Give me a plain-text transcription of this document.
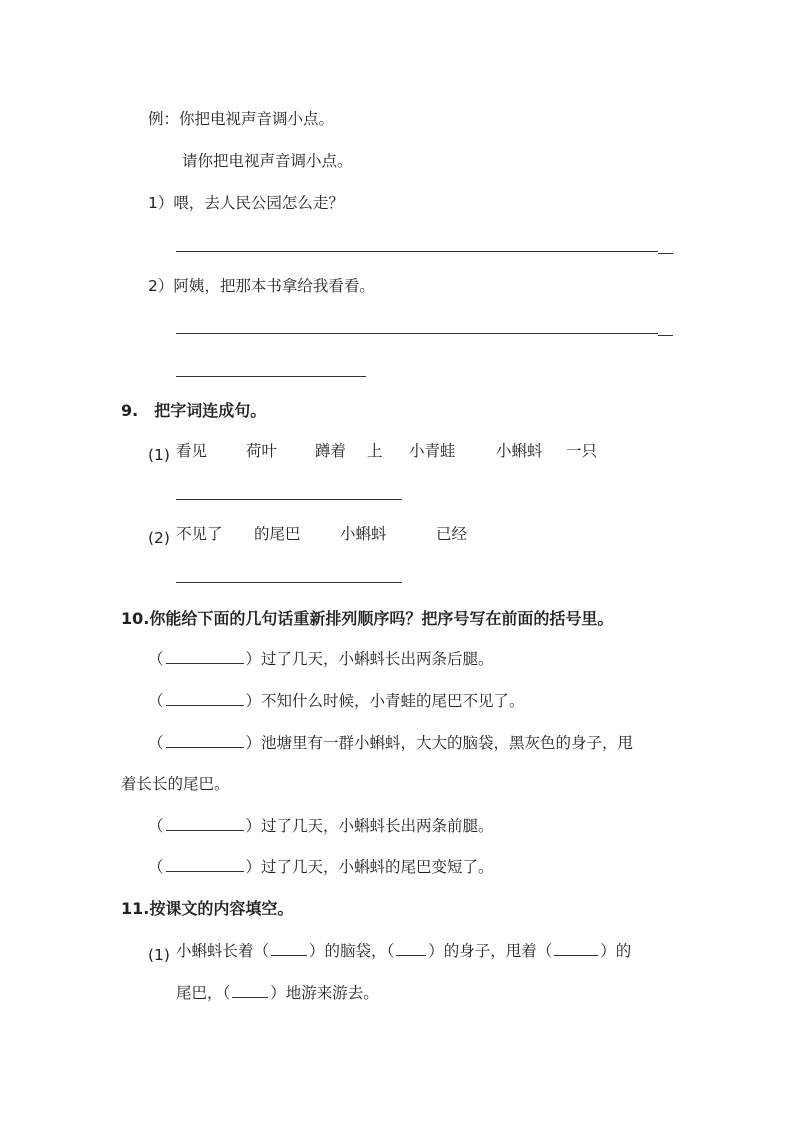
例：你把电视声音调小点。
请你把电视声音调小点。
1）喂，去人民公园怎么走？
2）阿姨，把那本书拿给我看看。
9.　把字词连成句。
(1) 看见	荷叶 蹲着 上 小青蛙	小蝌蚪 一只
(2) 不见了 的尾巴	小蝌蚪	已经
10.你能给下面的几句话重新排列顺序吗？把序号写在前面的括号里。
（	）过了几天，小蝌蚪长出两条后腿。
（	）不知什么时候，小青蛙的尾巴不见了。
（	）池塘里有一群小蝌蚪，大大的脑袋，黑灰色的身子，甩
着长长的尾巴。
（	）过了几天，小蝌蚪长出两条前腿。
（	）过了几天，小蝌蚪的尾巴变短了。
11.按课文的内容填空。
(1) 小蝌蚪长着（	）的脑袋，（ ）的身子，甩着（	）的
尾巴，（	）地游来游去。
